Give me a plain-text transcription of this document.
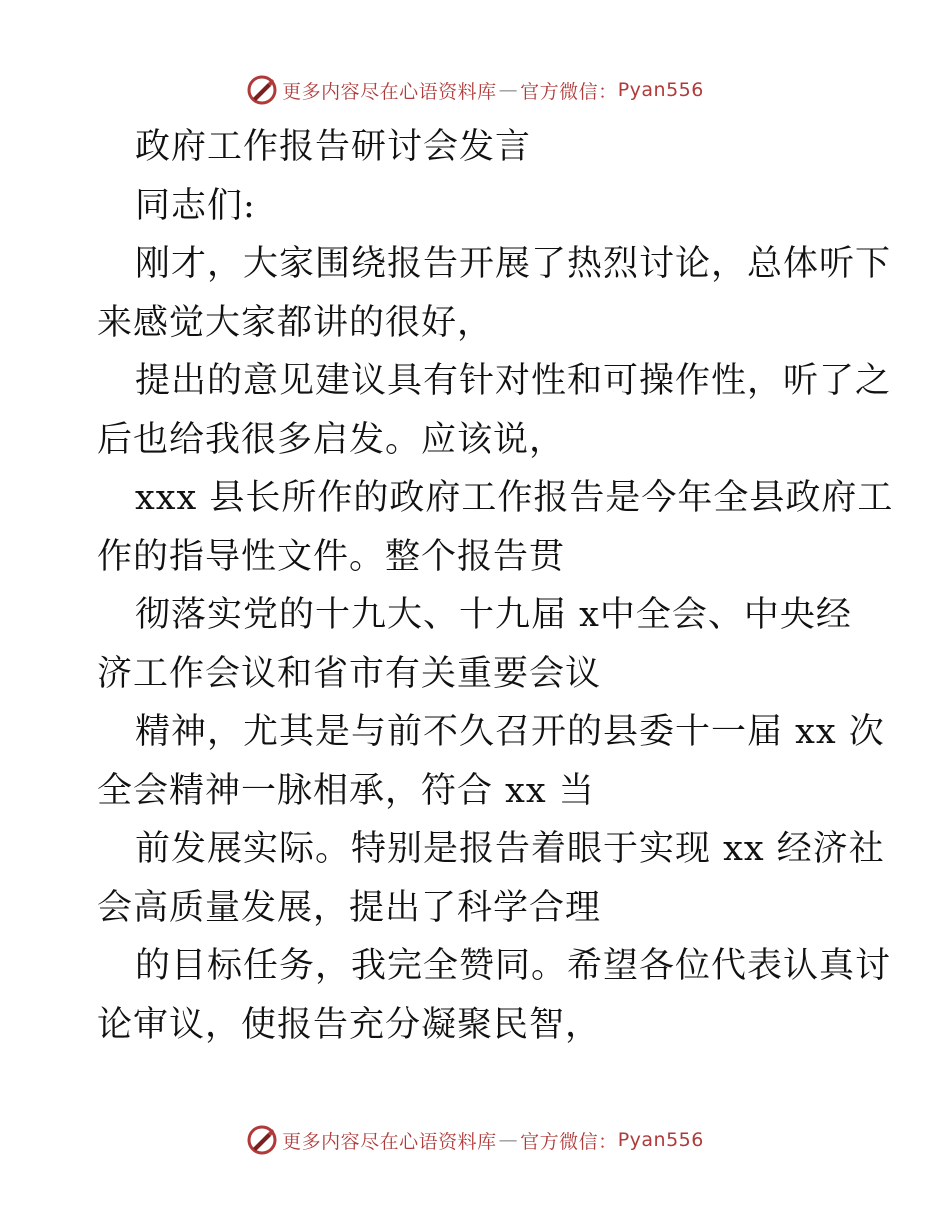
更多内容尽在心语资料库 — 官方微信： Pyan556
政府工作报告研讨会发言
同志们:
刚才，大家围绕报告开展了热烈讨论，总体听下
来感觉大家都讲的很好，
提出的意见建议具有针对性和可操作性，听了之
后也给我很多启发。应该说，
xxx 县长所作的政府工作报告是今年全县政府工
作的指导性文件。整个报告贯
彻落实党的十九大、十九届 x中全会、中央经
济工作会议和省市有关重要会议
精神，尤其是与前不久召开的县委十一届 xx 次
全会精神一脉相承，符合 xx 当
前发展实际。特别是报告着眼于实现 xx 经济社
会高质量发展，提出了科学合理
的目标任务，我完全赞同。希望各位代表认真讨
论审议，使报告充分凝聚民智，
更多内容尽在心语资料库 — 官方微信： Pyan556
